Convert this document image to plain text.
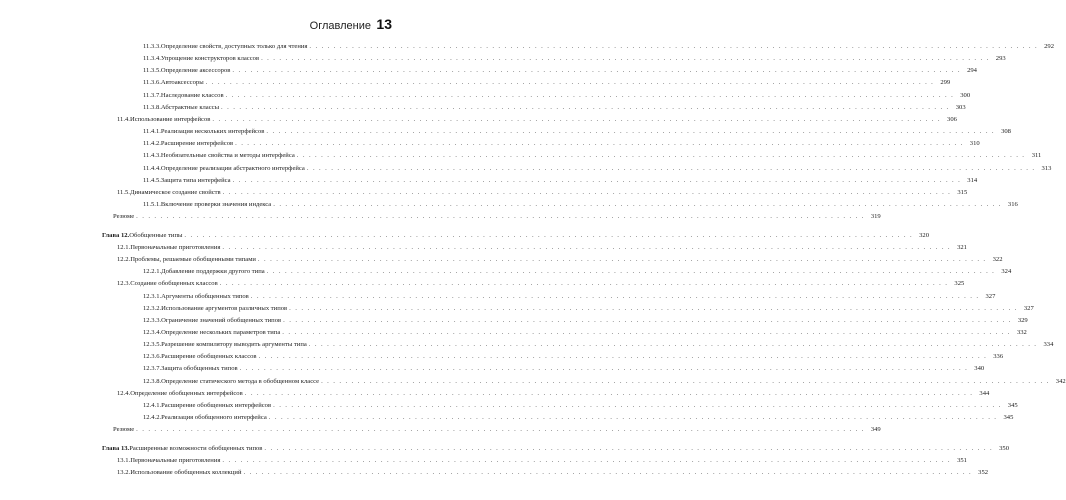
Оглавление 13
11.3.3. Определение свойств, доступных только для чтения . . . . . . . . . . . . . . . . . . . . . . . . . . . . . . . . . . . . . . . . . . . . . . . . . . . . . . . . . . . . . . . . . . . . . . . . . . . . . . . . . . . . . . . . . . . . . . . . . . . . . . . . . . . . . . . . . . . . . . . . 292
11.3.4. Упрощение конструкторов классов . . . . . . . . . . . . . . . . . . . . . . . . . . . . . . . . . . . . . . . . . . . . . . . . . . . . . . . . . . . . . . . . . . . . . . . . . . . . . . . . . . . . . . . . . . . . . . . . . . . . . . . . . . . . . . . . . . . . . . . . 293
11.3.5. Определение аксессоров . . . . . . . . . . . . . . . . . . . . . . . . . . . . . . . . . . . . . . . . . . . . . . . . . . . . . . . . . . . . . . . . . . . . . . . . . . . . . . . . . . . . . . . . . . . . . . . . . . . . . . . . . . . . . . . . . . . . . . . . 294
11.3.6. Автоаксессоры . . . . . . . . . . . . . . . . . . . . . . . . . . . . . . . . . . . . . . . . . . . . . . . . . . . . . . . . . . . . . . . . . . . . . . . . . . . . . . . . . . . . . . . . . . . . . . . . . . . . . . . . . . . . . . . . . . . . . . . . 299
11.3.7. Наследование классов . . . . . . . . . . . . . . . . . . . . . . . . . . . . . . . . . . . . . . . . . . . . . . . . . . . . . . . . . . . . . . . . . . . . . . . . . . . . . . . . . . . . . . . . . . . . . . . . . . . . . . . . . . . . . . . . . . . . . . . . 300
11.3.8. Абстрактные классы . . . . . . . . . . . . . . . . . . . . . . . . . . . . . . . . . . . . . . . . . . . . . . . . . . . . . . . . . . . . . . . . . . . . . . . . . . . . . . . . . . . . . . . . . . . . . . . . . . . . . . . . . . . . . . . . . . . . . . . . 303
11.4. Использование интерфейсов . . . . . . . . . . . . . . . . . . . . . . . . . . . . . . . . . . . . . . . . . . . . . . . . . . . . . . . . . . . . . . . . . . . . . . . . . . . . . . . . . . . . . . . . . . . . . . . . . . . . . . . . . . . . . . . . . . . . . . . . 306
11.4.1. Реализация нескольких интерфейсов . . . . . . . . . . . . . . . . . . . . . . . . . . . . . . . . . . . . . . . . . . . . . . . . . . . . . . . . . . . . . . . . . . . . . . . . . . . . . . . . . . . . . . . . . . . . . . . . . . . . . . . . . . . . . . . . . . . . . . . . 308
11.4.2. Расширение интерфейсов . . . . . . . . . . . . . . . . . . . . . . . . . . . . . . . . . . . . . . . . . . . . . . . . . . . . . . . . . . . . . . . . . . . . . . . . . . . . . . . . . . . . . . . . . . . . . . . . . . . . . . . . . . . . . . . . . . . . . . . . 310
11.4.3. Необязательные свойства и методы интерфейса . . . . . . . . . . . . . . . . . . . . . . . . . . . . . . . . . . . . . . . . . . . . . . . . . . . . . . . . . . . . . . . . . . . . . . . . . . . . . . . . . . . . . . . . . . . . . . . . . . . . . . . . . . . . . . . . . . . . . . . . 311
11.4.4. Определение реализации абстрактного интерфейса . . . . . . . . . . . . . . . . . . . . . . . . . . . . . . . . . . . . . . . . . . . . . . . . . . . . . . . . . . . . . . . . . . . . . . . . . . . . . . . . . . . . . . . . . . . . . . . . . . . . . . . . . . . . . . . . . . . . . . . . 313
11.4.5. Защита типа интерфейса . . . . . . . . . . . . . . . . . . . . . . . . . . . . . . . . . . . . . . . . . . . . . . . . . . . . . . . . . . . . . . . . . . . . . . . . . . . . . . . . . . . . . . . . . . . . . . . . . . . . . . . . . . . . . . . . . . . . . . . . 314
11.5. Динамическое создание свойств . . . . . . . . . . . . . . . . . . . . . . . . . . . . . . . . . . . . . . . . . . . . . . . . . . . . . . . . . . . . . . . . . . . . . . . . . . . . . . . . . . . . . . . . . . . . . . . . . . . . . . . . . . . . . . . . . . . . . . . . 315
11.5.1. Включение проверки значения индекса . . . . . . . . . . . . . . . . . . . . . . . . . . . . . . . . . . . . . . . . . . . . . . . . . . . . . . . . . . . . . . . . . . . . . . . . . . . . . . . . . . . . . . . . . . . . . . . . . . . . . . . . . . . . . . . . . . . . . . . . 316
Резюме . . . . . . . . . . . . . . . . . . . . . . . . . . . . . . . . . . . . . . . . . . . . . . . . . . . . . . . . . . . . . . . . . . . . . . . . . . . . . . . . . . . . . . . . . . . . . . . . . . . . . . . . . . . . . . . . . . . . . . . . 319
Глава 12. Обобщенные типы . . . . . . . . . . . . . . . . . . . . . . . . . . . . . . . . . . . . . . . . . . . . . . . . . . . . . . . . . . . . . . . . . . . . . . . . . . . . . . . . . . . . . . . . . . . . . . . . . . . . . . . . . . . . . . . . . . . . . . . . 320
12.1. Первоначальные приготовления . . . . . . . . . . . . . . . . . . . . . . . . . . . . . . . . . . . . . . . . . . . . . . . . . . . . . . . . . . . . . . . . . . . . . . . . . . . . . . . . . . . . . . . . . . . . . . . . . . . . . . . . . . . . . . . . . . . . . . . . 321
12.2. Проблемы, решаемые обобщенными типами . . . . . . . . . . . . . . . . . . . . . . . . . . . . . . . . . . . . . . . . . . . . . . . . . . . . . . . . . . . . . . . . . . . . . . . . . . . . . . . . . . . . . . . . . . . . . . . . . . . . . . . . . . . . . . . . . . . . . . . . 322
12.2.1. Добавление поддержки другого типа . . . . . . . . . . . . . . . . . . . . . . . . . . . . . . . . . . . . . . . . . . . . . . . . . . . . . . . . . . . . . . . . . . . . . . . . . . . . . . . . . . . . . . . . . . . . . . . . . . . . . . . . . . . . . . . . . . . . . . . . 324
12.3. Создание обобщенных классов . . . . . . . . . . . . . . . . . . . . . . . . . . . . . . . . . . . . . . . . . . . . . . . . . . . . . . . . . . . . . . . . . . . . . . . . . . . . . . . . . . . . . . . . . . . . . . . . . . . . . . . . . . . . . . . . . . . . . . . . 325
12.3.1. Аргументы обобщенных типов . . . . . . . . . . . . . . . . . . . . . . . . . . . . . . . . . . . . . . . . . . . . . . . . . . . . . . . . . . . . . . . . . . . . . . . . . . . . . . . . . . . . . . . . . . . . . . . . . . . . . . . . . . . . . . . . . . . . . . . . 327
12.3.2. Использование аргументов различных типов . . . . . . . . . . . . . . . . . . . . . . . . . . . . . . . . . . . . . . . . . . . . . . . . . . . . . . . . . . . . . . . . . . . . . . . . . . . . . . . . . . . . . . . . . . . . . . . . . . . . . . . . . . . . . . . . . . . . . . . . 327
12.3.3. Ограничение значений обобщенных типов . . . . . . . . . . . . . . . . . . . . . . . . . . . . . . . . . . . . . . . . . . . . . . . . . . . . . . . . . . . . . . . . . . . . . . . . . . . . . . . . . . . . . . . . . . . . . . . . . . . . . . . . . . . . . . . . . . . . . . . . 329
12.3.4. Определение нескольких параметров типа . . . . . . . . . . . . . . . . . . . . . . . . . . . . . . . . . . . . . . . . . . . . . . . . . . . . . . . . . . . . . . . . . . . . . . . . . . . . . . . . . . . . . . . . . . . . . . . . . . . . . . . . . . . . . . . . . . . . . . . . 332
12.3.5. Разрешение компилятору выводить аргументы типа . . . . . . . . . . . . . . . . . . . . . . . . . . . . . . . . . . . . . . . . . . . . . . . . . . . . . . . . . . . . . . . . . . . . . . . . . . . . . . . . . . . . . . . . . . . . . . . . . . . . . . . . . . . . . . . . . . . . . . . . 334
12.3.6. Расширение обобщенных классов . . . . . . . . . . . . . . . . . . . . . . . . . . . . . . . . . . . . . . . . . . . . . . . . . . . . . . . . . . . . . . . . . . . . . . . . . . . . . . . . . . . . . . . . . . . . . . . . . . . . . . . . . . . . . . . . . . . . . . . . 336
12.3.7. Защита обобщенных типов . . . . . . . . . . . . . . . . . . . . . . . . . . . . . . . . . . . . . . . . . . . . . . . . . . . . . . . . . . . . . . . . . . . . . . . . . . . . . . . . . . . . . . . . . . . . . . . . . . . . . . . . . . . . . . . . . . . . . . . . 340
12.3.8. Определение статического метода в обобщенном классе . . . . . . . . . . . . . . . . . . . . . . . . . . . . . . . . . . . . . . . . . . . . . . . . . . . . . . . . . . . . . . . . . . . . . . . . . . . . . . . . . . . . . . . . . . . . . . . . . . . . . . . . . . . . . . . . . . . . . . . . 342
12.4. Определение обобщенных интерфейсов . . . . . . . . . . . . . . . . . . . . . . . . . . . . . . . . . . . . . . . . . . . . . . . . . . . . . . . . . . . . . . . . . . . . . . . . . . . . . . . . . . . . . . . . . . . . . . . . . . . . . . . . . . . . . . . . . . . . . . . . 344
12.4.1. Расширение обобщенных интерфейсов . . . . . . . . . . . . . . . . . . . . . . . . . . . . . . . . . . . . . . . . . . . . . . . . . . . . . . . . . . . . . . . . . . . . . . . . . . . . . . . . . . . . . . . . . . . . . . . . . . . . . . . . . . . . . . . . . . . . . . . . 345
12.4.2. Реализация обобщенного интерфейса . . . . . . . . . . . . . . . . . . . . . . . . . . . . . . . . . . . . . . . . . . . . . . . . . . . . . . . . . . . . . . . . . . . . . . . . . . . . . . . . . . . . . . . . . . . . . . . . . . . . . . . . . . . . . . . . . . . . . . . . 345
Резюме . . . . . . . . . . . . . . . . . . . . . . . . . . . . . . . . . . . . . . . . . . . . . . . . . . . . . . . . . . . . . . . . . . . . . . . . . . . . . . . . . . . . . . . . . . . . . . . . . . . . . . . . . . . . . . . . . . . . . . . . 349
Глава 13. Расширенные возможности обобщенных типов . . . . . . . . . . . . . . . . . . . . . . . . . . . . . . . . . . . . . . . . . . . . . . . . . . . . . . . . . . . . . . . . . . . . . . . . . . . . . . . . . . . . . . . . . . . . . . . . . . . . . . . . . . . . . . . . . . . . . . . . 350
13.1. Первоначальные приготовления . . . . . . . . . . . . . . . . . . . . . . . . . . . . . . . . . . . . . . . . . . . . . . . . . . . . . . . . . . . . . . . . . . . . . . . . . . . . . . . . . . . . . . . . . . . . . . . . . . . . . . . . . . . . . . . . . . . . . . . . 351
13.2. Использование обобщенных коллекций . . . . . . . . . . . . . . . . . . . . . . . . . . . . . . . . . . . . . . . . . . . . . . . . . . . . . . . . . . . . . . . . . . . . . . . . . . . . . . . . . . . . . . . . . . . . . . . . . . . . . . . . . . . . . . . . . . . . . . . . 352
